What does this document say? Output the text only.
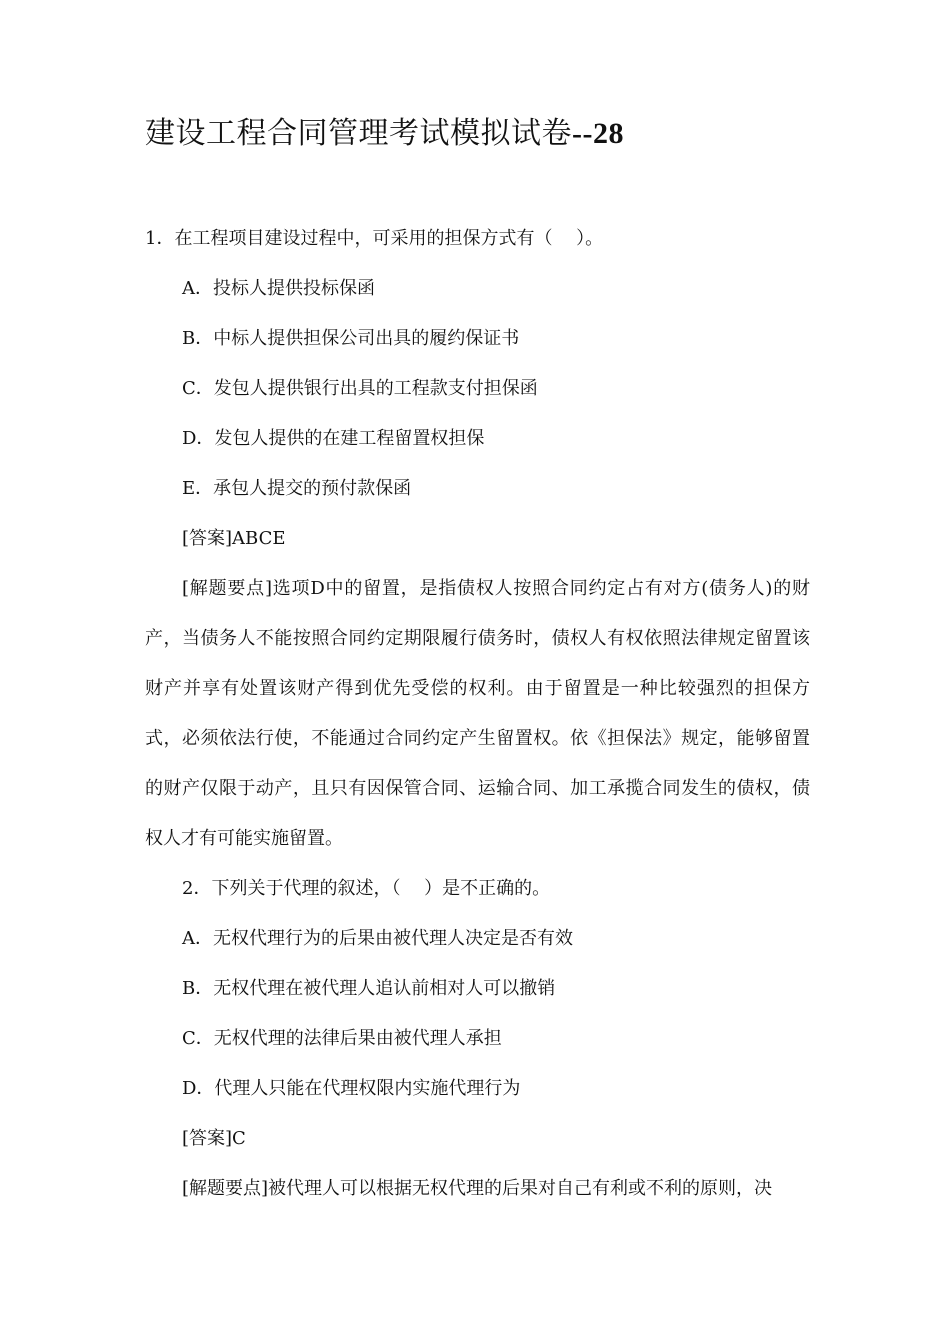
建设工程合同管理考试模拟试卷--28
1．在工程项目建设过程中，可采用的担保方式有（　 ）。
A．投标人提供投标保函
B．中标人提供担保公司出具的履约保证书
C．发包人提供银行出具的工程款支付担保函
D．发包人提供的在建工程留置权担保
E．承包人提交的预付款保函
[答案]ABCE

[解题要点]选项D中的留置，是指债权人按照合同约定占有对方(债务人)的财产，当债务人不能按照合同约定期限履行债务时，债权人有权依照法律规定留置该财产并享有处置该财产得到优先受偿的权利。由于留置是一种比较强烈的担保方式，必须依法行使，不能通过合同约定产生留置权。依《担保法》规定，能够留置的财产仅限于动产，且只有因保管合同、运输合同、加工承揽合同发生的债权，债权人才有可能实施留置。

2．下列关于代理的叙述，（　 ）是不正确的。
A．无权代理行为的后果由被代理人决定是否有效
B．无权代理在被代理人追认前相对人可以撤销
C．无权代理的法律后果由被代理人承担
D．代理人只能在代理权限内实施代理行为
[答案]C
[解题要点]被代理人可以根据无权代理的后果对自己有利或不利的原则，决
